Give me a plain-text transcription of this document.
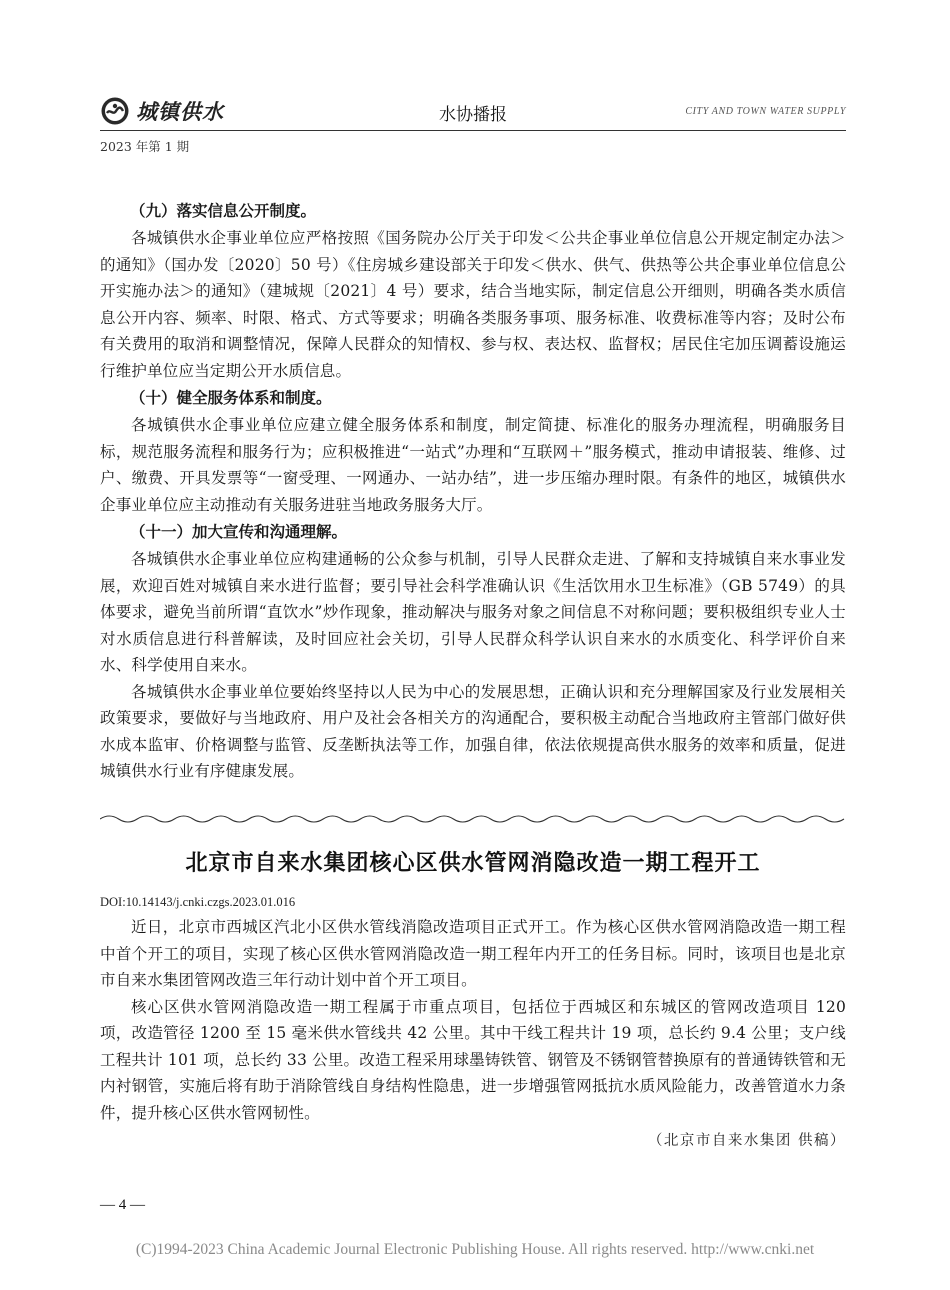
城镇供水	水协播报	CITY AND TOWN WATER SUPPLY
2023 年第 1 期

（九）落实信息公开制度。

各城镇供水企事业单位应严格按照《国务院办公厅关于印发＜公共企事业单位信息公开规定制定办法＞的通知》（国办发〔2020〕50 号）《住房城乡建设部关于印发＜供水、供气、供热等公共企事业单位信息公开实施办法＞的通知》（建城规〔2021〕4 号）要求，结合当地实际，制定信息公开细则，明确各类水质信息公开内容、频率、时限、格式、方式等要求；明确各类服务事项、服务标准、收费标准等内容；及时公布有关费用的取消和调整情况，保障人民群众的知情权、参与权、表达权、监督权；居民住宅加压调蓄设施运行维护单位应当定期公开水质信息。

（十）健全服务体系和制度。

各城镇供水企事业单位应建立健全服务体系和制度，制定简捷、标准化的服务办理流程，明确服务目标，规范服务流程和服务行为；应积极推进“一站式”办理和“互联网＋”服务模式，推动申请报装、维修、过户、缴费、开具发票等“一窗受理、一网通办、一站办结”，进一步压缩办理时限。有条件的地区，城镇供水企事业单位应主动推动有关服务进驻当地政务服务大厅。

（十一）加大宣传和沟通理解。

各城镇供水企事业单位应构建通畅的公众参与机制，引导人民群众走进、了解和支持城镇自来水事业发展，欢迎百姓对城镇自来水进行监督；要引导社会科学准确认识《生活饮用水卫生标准》（GB 5749）的具体要求，避免当前所谓“直饮水”炒作现象，推动解决与服务对象之间信息不对称问题；要积极组织专业人士对水质信息进行科普解读，及时回应社会关切，引导人民群众科学认识自来水的水质变化、科学评价自来水、科学使用自来水。

各城镇供水企事业单位要始终坚持以人民为中心的发展思想，正确认识和充分理解国家及行业发展相关政策要求，要做好与当地政府、用户及社会各相关方的沟通配合，要积极主动配合当地政府主管部门做好供水成本监审、价格调整与监管、反垄断执法等工作，加强自律，依法依规提高供水服务的效率和质量，促进城镇供水行业有序健康发展。

北京市自来水集团核心区供水管网消隐改造一期工程开工
DOI:10.14143/j.cnki.czgs.2023.01.016

近日，北京市西城区汽北小区供水管线消隐改造项目正式开工。作为核心区供水管网消隐改造一期工程中首个开工的项目，实现了核心区供水管网消隐改造一期工程年内开工的任务目标。同时，该项目也是北京市自来水集团管网改造三年行动计划中首个开工项目。

核心区供水管网消隐改造一期工程属于市重点项目，包括位于西城区和东城区的管网改造项目 120 项，改造管径 1200 至 15 毫米供水管线共 42 公里。其中干线工程共计 19 项，总长约 9.4 公里；支户线工程共计 101 项，总长约 33 公里。改造工程采用球墨铸铁管、钢管及不锈钢管替换原有的普通铸铁管和无内衬钢管，实施后将有助于消除管线自身结构性隐患，进一步增强管网抵抗水质风险能力，改善管道水力条件，提升核心区供水管网韧性。

（北京市自来水集团 供稿）
— 4 —
(C)1994-2023 China Academic Journal Electronic Publishing House. All rights reserved. http://www.cnki.net
